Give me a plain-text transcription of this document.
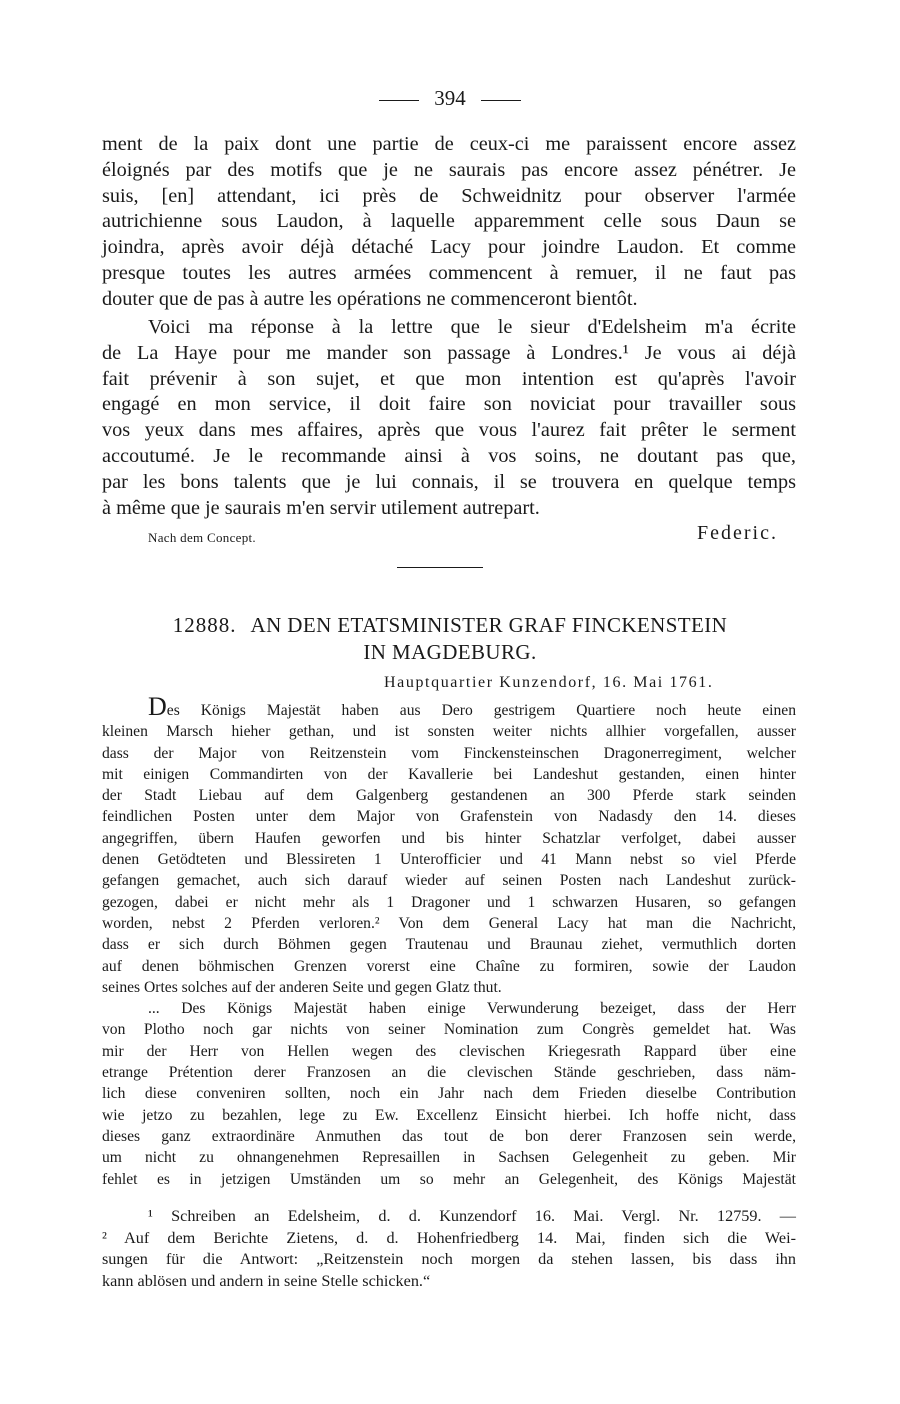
394
ment de la paix dont une partie de ceux-ci me paraissent encore assez
éloignés par des motifs que je ne saurais pas encore assez pénétrer. Je
suis, [en] attendant, ici près de Schweidnitz pour observer l'armée
autrichienne sous Laudon, à laquelle apparemment celle sous Daun se
joindra, après avoir déjà détaché Lacy pour joindre Laudon. Et comme
presque toutes les autres armées commencent à remuer, il ne faut pas
douter que de pas à autre les opérations ne commenceront bientôt.
Voici ma réponse à la lettre que le sieur d'Edelsheim m'a écrite
de La Haye pour me mander son passage à Londres.¹ Je vous ai déjà
fait prévenir à son sujet, et que mon intention est qu'après l'avoir
engagé en mon service, il doit faire son noviciat pour travailler sous
vos yeux dans mes affaires, après que vous l'aurez fait prêter le serment
accoutumé. Je le recommande ainsi à vos soins, ne doutant pas que,
par les bons talents que je lui connais, il se trouvera en quelque temps
à même que je saurais m'en servir utilement autrepart.
Nach dem Concept.	Federic.
12888. AN DEN ETATSMINISTER GRAF FINCKENSTEIN
IN MAGDEBURG.
Hauptquartier Kunzendorf, 16. Mai 1761.
Des Königs Majestät haben aus Dero gestrigem Quartiere noch heute einen
kleinen Marsch hieher gethan, und ist sonsten weiter nichts allhier vorgefallen, ausser
dass der Major von Reitzenstein vom Finckensteinschen Dragonerregiment, welcher
mit einigen Commandirten von der Kavallerie bei Landeshut gestanden, einen hinter
der Stadt Liebau auf dem Galgenberg gestandenen an 300 Pferde stark seinden
feindlichen Posten unter dem Major von Grafenstein von Nadasdy den 14. dieses
angegriffen, übern Haufen geworfen und bis hinter Schatzlar verfolget, dabei ausser
denen Getödteten und Blessireten 1 Unterofficier und 41 Mann nebst so viel Pferde
gefangen gemachet, auch sich darauf wieder auf seinen Posten nach Landeshut zurück-
gezogen, dabei er nicht mehr als 1 Dragoner und 1 schwarzen Husaren, so gefangen
worden, nebst 2 Pferden verloren.² Von dem General Lacy hat man die Nachricht,
dass er sich durch Böhmen gegen Trautenau und Braunau ziehet, vermuthlich dorten
auf denen böhmischen Grenzen vorerst eine Chaîne zu formiren, sowie der Laudon
seines Ortes solches auf der anderen Seite und gegen Glatz thut.
... Des Königs Majestät haben einige Verwunderung bezeiget, dass der Herr
von Plotho noch gar nichts von seiner Nomination zum Congrès gemeldet hat. Was
mir der Herr von Hellen wegen des clevischen Kriegesrath Rappard über eine
etrange Prétention derer Franzosen an die clevischen Stände geschrieben, dass näm-
lich diese conveniren sollten, noch ein Jahr nach dem Frieden dieselbe Contribution
wie jetzo zu bezahlen, lege zu Ew. Excellenz Einsicht hierbei. Ich hoffe nicht, dass
dieses ganz extraordinäre Anmuthen das tout de bon derer Franzosen sein werde,
um nicht zu ohnangenehmen Represaillen in Sachsen Gelegenheit zu geben. Mir
fehlet es in jetzigen Umständen um so mehr an Gelegenheit, des Königs Majestät
¹ Schreiben an Edelsheim, d. d. Kunzendorf 16. Mai. Vergl. Nr. 12759. —
² Auf dem Berichte Zietens, d. d. Hohenfriedberg 14. Mai, finden sich die Wei-
sungen für die Antwort: „Reitzenstein noch morgen da stehen lassen, bis dass ihn
kann ablösen und andern in seine Stelle schicken.“
